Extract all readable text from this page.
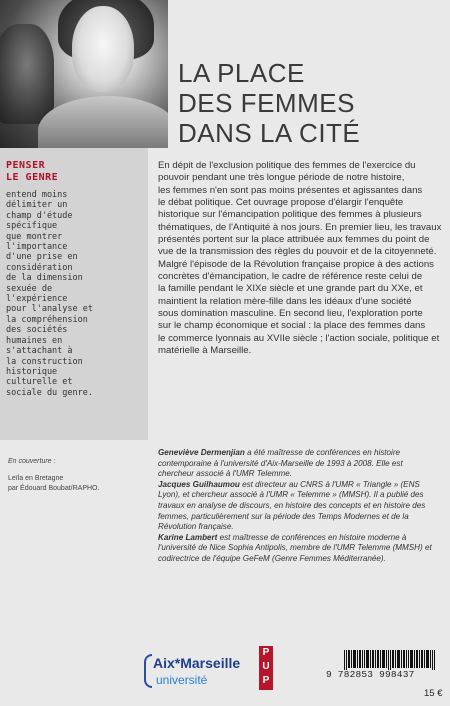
LA PLACE
DES FEMMES
DANS LA CITÉ
PENSER
LE GENRE
entend moins
délimiter un
champ d'étude
spécifique
que montrer
l'importance
d'une prise en
considération
de la dimension
sexuée de
l'expérience
pour l'analyse et
la compréhension
des sociétés
humaines en
s'attachant à
la construction
historique
culturelle et
sociale du genre.
En dépit de l'exclusion politique des femmes de l'exercice du
pouvoir pendant une très longue période de notre histoire,
les femmes n'en sont pas moins présentes et agissantes dans
le débat politique. Cet ouvrage propose d'élargir l'enquête
historique sur l'émancipation politique des femmes à plusieurs
thématiques, de l'Antiquité à nos jours. En premier lieu, les travaux
présentés portent sur la place attribuée aux femmes du point de
vue de la transmission des règles du pouvoir et de la citoyenneté.
Malgré l'épisode de la Révolution française propice à des actions
concrètes d'émancipation, le cadre de référence reste celui de
la famille pendant le XIXe siècle et une grande part du XXe, et
maintient la relation mère-fille dans les idéaux d'une société
sous domination masculine. En second lieu, l'exploration porte
sur le champ économique et social : la place des femmes dans
le commerce lyonnais au XVIIe siècle ; l'action sociale, politique et
matérielle à Marseille.
En couverture :
Leïla en Bretagne
par Édouard Boubat/RAPHO.
Geneviève Dermenjian a été maîtresse de conférences en histoire
contemporaine à l'université d'Aix-Marseille de 1993 à 2008. Elle est
chercheur associé à l'UMR Telemme.
Jacques Guilhaumou est directeur au CNRS à l'UMR « Triangle » (ENS
Lyon), et chercheur associé à l'UMR « Telemme » (MMSH). Il a publié des
travaux en analyse de discours, en histoire des concepts et en histoire des
femmes, particulièrement sur la période des Temps Modernes et de la
Révolution française.
Karine Lambert est maîtresse de conférences en histoire moderne à
l'université de Nice Sophia Antipolis, membre de l'UMR Telemme (MMSH) et
codirectrice de l'équipe GeFeM (Genre Femmes Méditerranée).
Aix*Marseille
université
P
U
P
9 782853 998437
15 €
